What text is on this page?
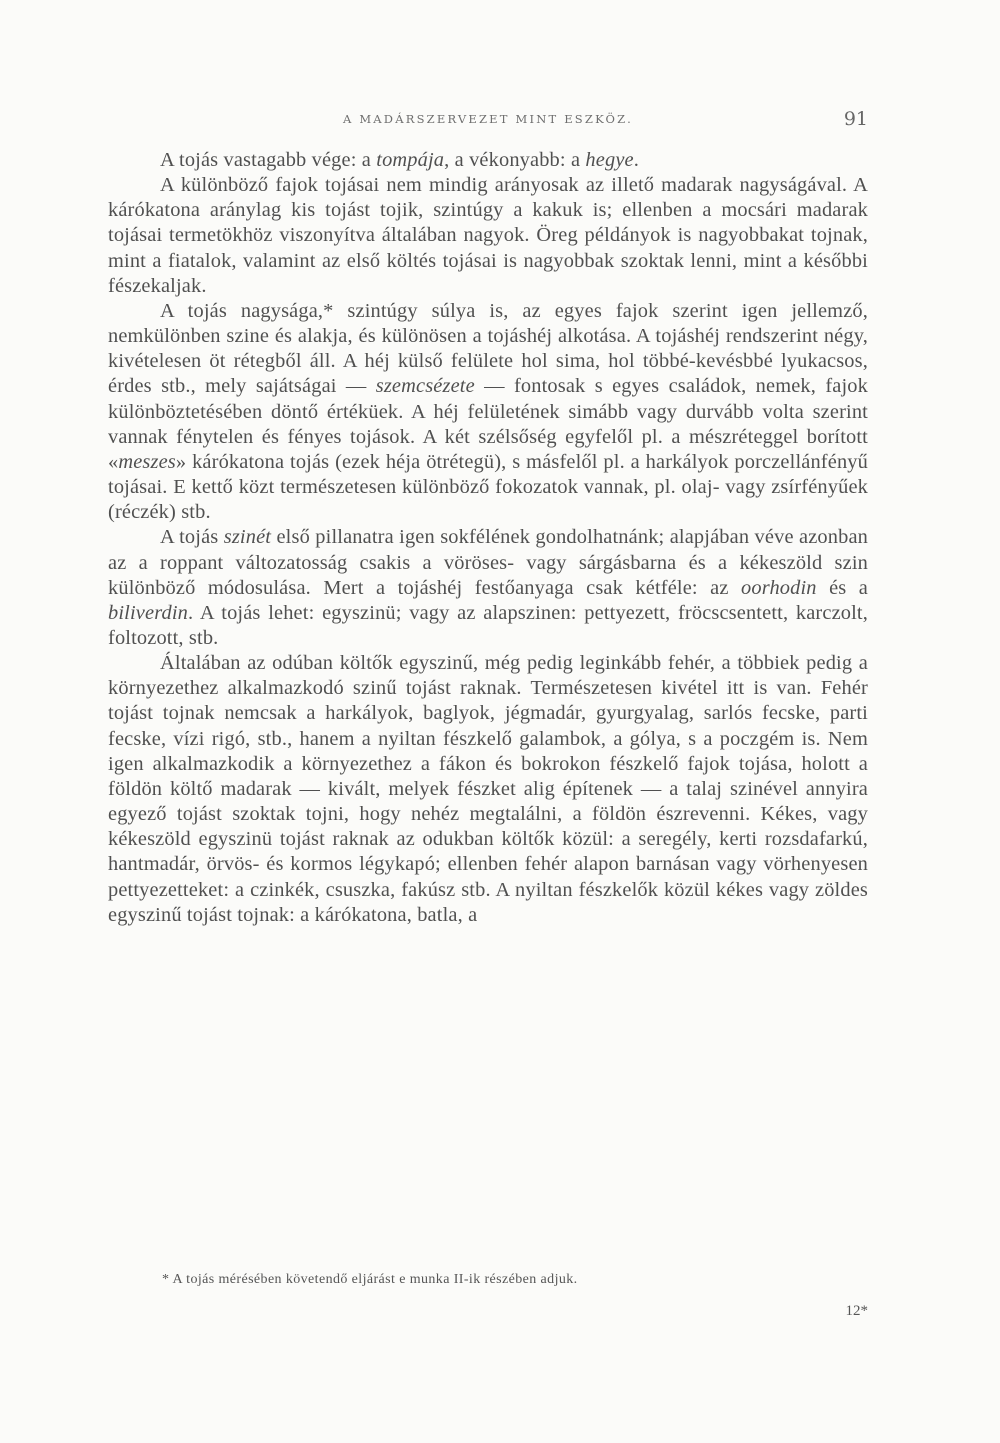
A MADÁRSZERVEZET MINT ESZKÖZ.	91

A tojás vastagabb vége: a tompája, a vékonyabb: a hegye.

A különböző fajok tojásai nem mindig arányosak az illető madarak nagyságával. A kárókatona aránylag kis tojást tojik, szintúgy a kakuk is; ellenben a mocsári madarak tojásai termetökhöz viszonyítva általában nagyok. Öreg példányok is nagyobbakat tojnak, mint a fiatalok, valamint az első költés tojásai is nagyobbak szoktak lenni, mint a későbbi fészekaljak.

A tojás nagysága,* szintúgy súlya is, az egyes fajok szerint igen jellemző, nemkülönben szine és alakja, és különösen a tojáshéj alkotása. A tojáshéj rendszerint négy, kivételesen öt rétegből áll. A héj külső felülete hol sima, hol többé-kevésbbé lyukacsos, érdes stb., mely sajátságai — szemcsézete — fontosak s egyes családok, nemek, fajok különböztetésében döntő értéküek. A héj felületének simább vagy durvább volta szerint vannak fénytelen és fényes tojások. A két szélsőség egyfelől pl. a mészréteggel borított «meszes» kárókatona tojás (ezek héja ötrétegü), s másfelől pl. a harkályok porczellánfényű tojásai. E kettő közt természetesen különböző fokozatok vannak, pl. olaj- vagy zsírfényűek (réczék) stb.

A tojás szinét első pillanatra igen sokfélének gondolhatnánk; alapjában véve azonban az a roppant változatosság csakis a vöröses- vagy sárgásbarna és a kékeszöld szin különböző módosulása. Mert a tojáshéj festőanyaga csak kétféle: az oorhodin és a biliverdin. A tojás lehet: egyszinü; vagy az alapszinen: pettyezett, fröcscsentett, karczolt, foltozott, stb.

Általában az odúban költők egyszinű, még pedig leginkább fehér, a többiek pedig a környezethez alkalmazkodó szinű tojást raknak. Természetesen kivétel itt is van. Fehér tojást tojnak nemcsak a harkályok, baglyok, jégmadár, gyurgyalag, sarlós fecske, parti fecske, vízi rigó, stb., hanem a nyiltan fészkelő galambok, a gólya, s a poczgém is. Nem igen alkalmazkodik a környezethez a fákon és bokrokon fészkelő fajok tojása, holott a földön költő madarak — kivált, melyek fészket alig építenek — a talaj szinével annyira egyező tojást szoktak tojni, hogy nehéz megtalálni, a földön észrevenni. Kékes, vagy kékeszöld egyszinü tojást raknak az odukban költők közül: a seregély, kerti rozsdafarkú, hantmadár, örvös- és kormos légykapó; ellenben fehér alapon barnásan vagy vörhenyesen pettyezetteket: a czinkék, csuszka, fakúsz stb. A nyiltan fészkelők közül kékes vagy zöldes egyszinű tojást tojnak: a kárókatona, batla, a

* A tojás mérésében követendő eljárást e munka II-ik részében adjuk.
12*
